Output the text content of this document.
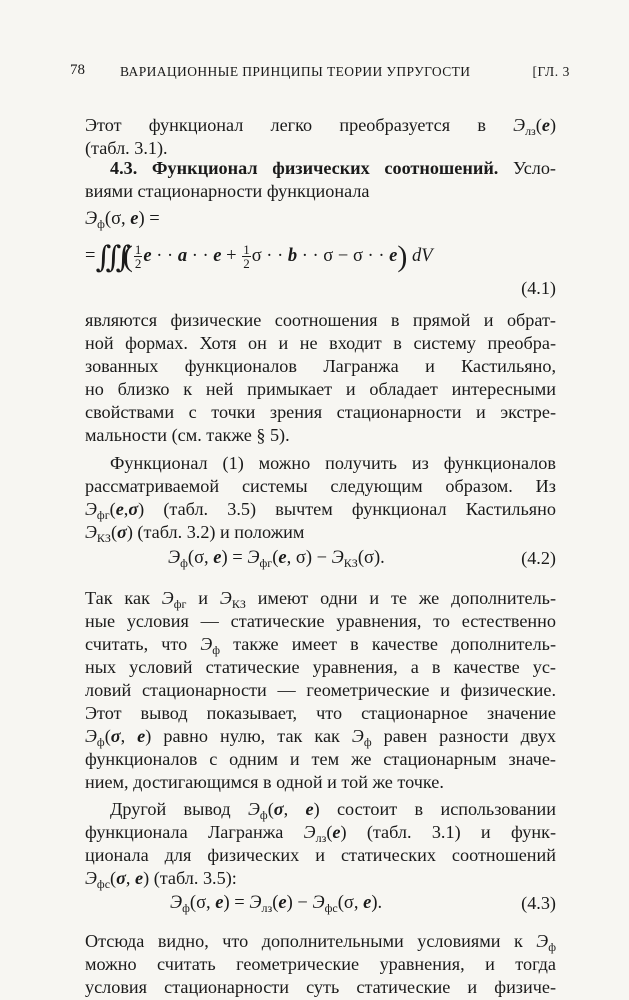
78	ВАРИАЦИОННЫЕ ПРИНЦИПЫ ТЕОРИИ УПРУГОСТИ	[ГЛ. 3
Этот функционал легко преобразуется в $Э_{лз}(e)$
(табл. 3.1).
4.3. Функционал физических соотношений. Усло-
виями стационарности функционала
$Э_ф(\sigma$, e) =
=∭( $\frac{1}{2}$ e · · a · · $e + \frac{1}{2}$ σ · · b · · σ − σ · · e) dV
(4.1)
являются физические соотношения в прямой и обрат-
ной формах. Хотя он и не входит в систему преобра-
зованных функционалов Лагранжа и Кастильяно,
но близко к ней примыкает и обладает интересными
свойствами с точки зрения стационарности и экстре-
мальности (см. также § 5).
Функционал (1) можно получить из функционалов
рассматриваемой системы следующим образом. Из
$Э_{фг}(e,\sigma)$ (табл. 3.5) вычтем функционал Кастильяно
$Э_{КЗ}(\sigma)$ (табл. 3.2) и положим
$Э_ф(\sigma$, $e) = Э_{фг}(e$, $\sigma) - Э_{КЗ}(\sigma)$.	(4.2)
Так как $Э_{фг}$ и $Э_{КЗ}$ имеют одни и те же дополнитель-
ные условия — статические уравнения, то естественно
считать, что $Э_ф$ также имеет в качестве дополнитель-
ных условий статические уравнения, а в качестве ус-
ловий стационарности — геометрические и физические.
Этот вывод показывает, что стационарное значение
$Э_ф(\sigma$, e) равно нулю, так как $Э_ф$ равен разности двух
функционалов с одним и тем же стационарным значе-
нием, достигающимся в одной и той же точке.
Другой вывод $Э_ф(\sigma$, e) состоит в использовании
функционала Лагранжа $Э_{лз}(e)$ (табл. 3.1) и функ-
ционала для физических и статических соотношений
$Э_{фс}(\sigma$, e) (табл. 3.5):
$Э_ф(\sigma$, $e) = Э_{лз}(e) - Э_{фс}(\sigma$, e).	(4.3)
Отсюда видно, что дополнительными условиями к $Э_ф$
можно считать геометрические уравнения, и тогда
условия стационарности суть статические и физиче-
